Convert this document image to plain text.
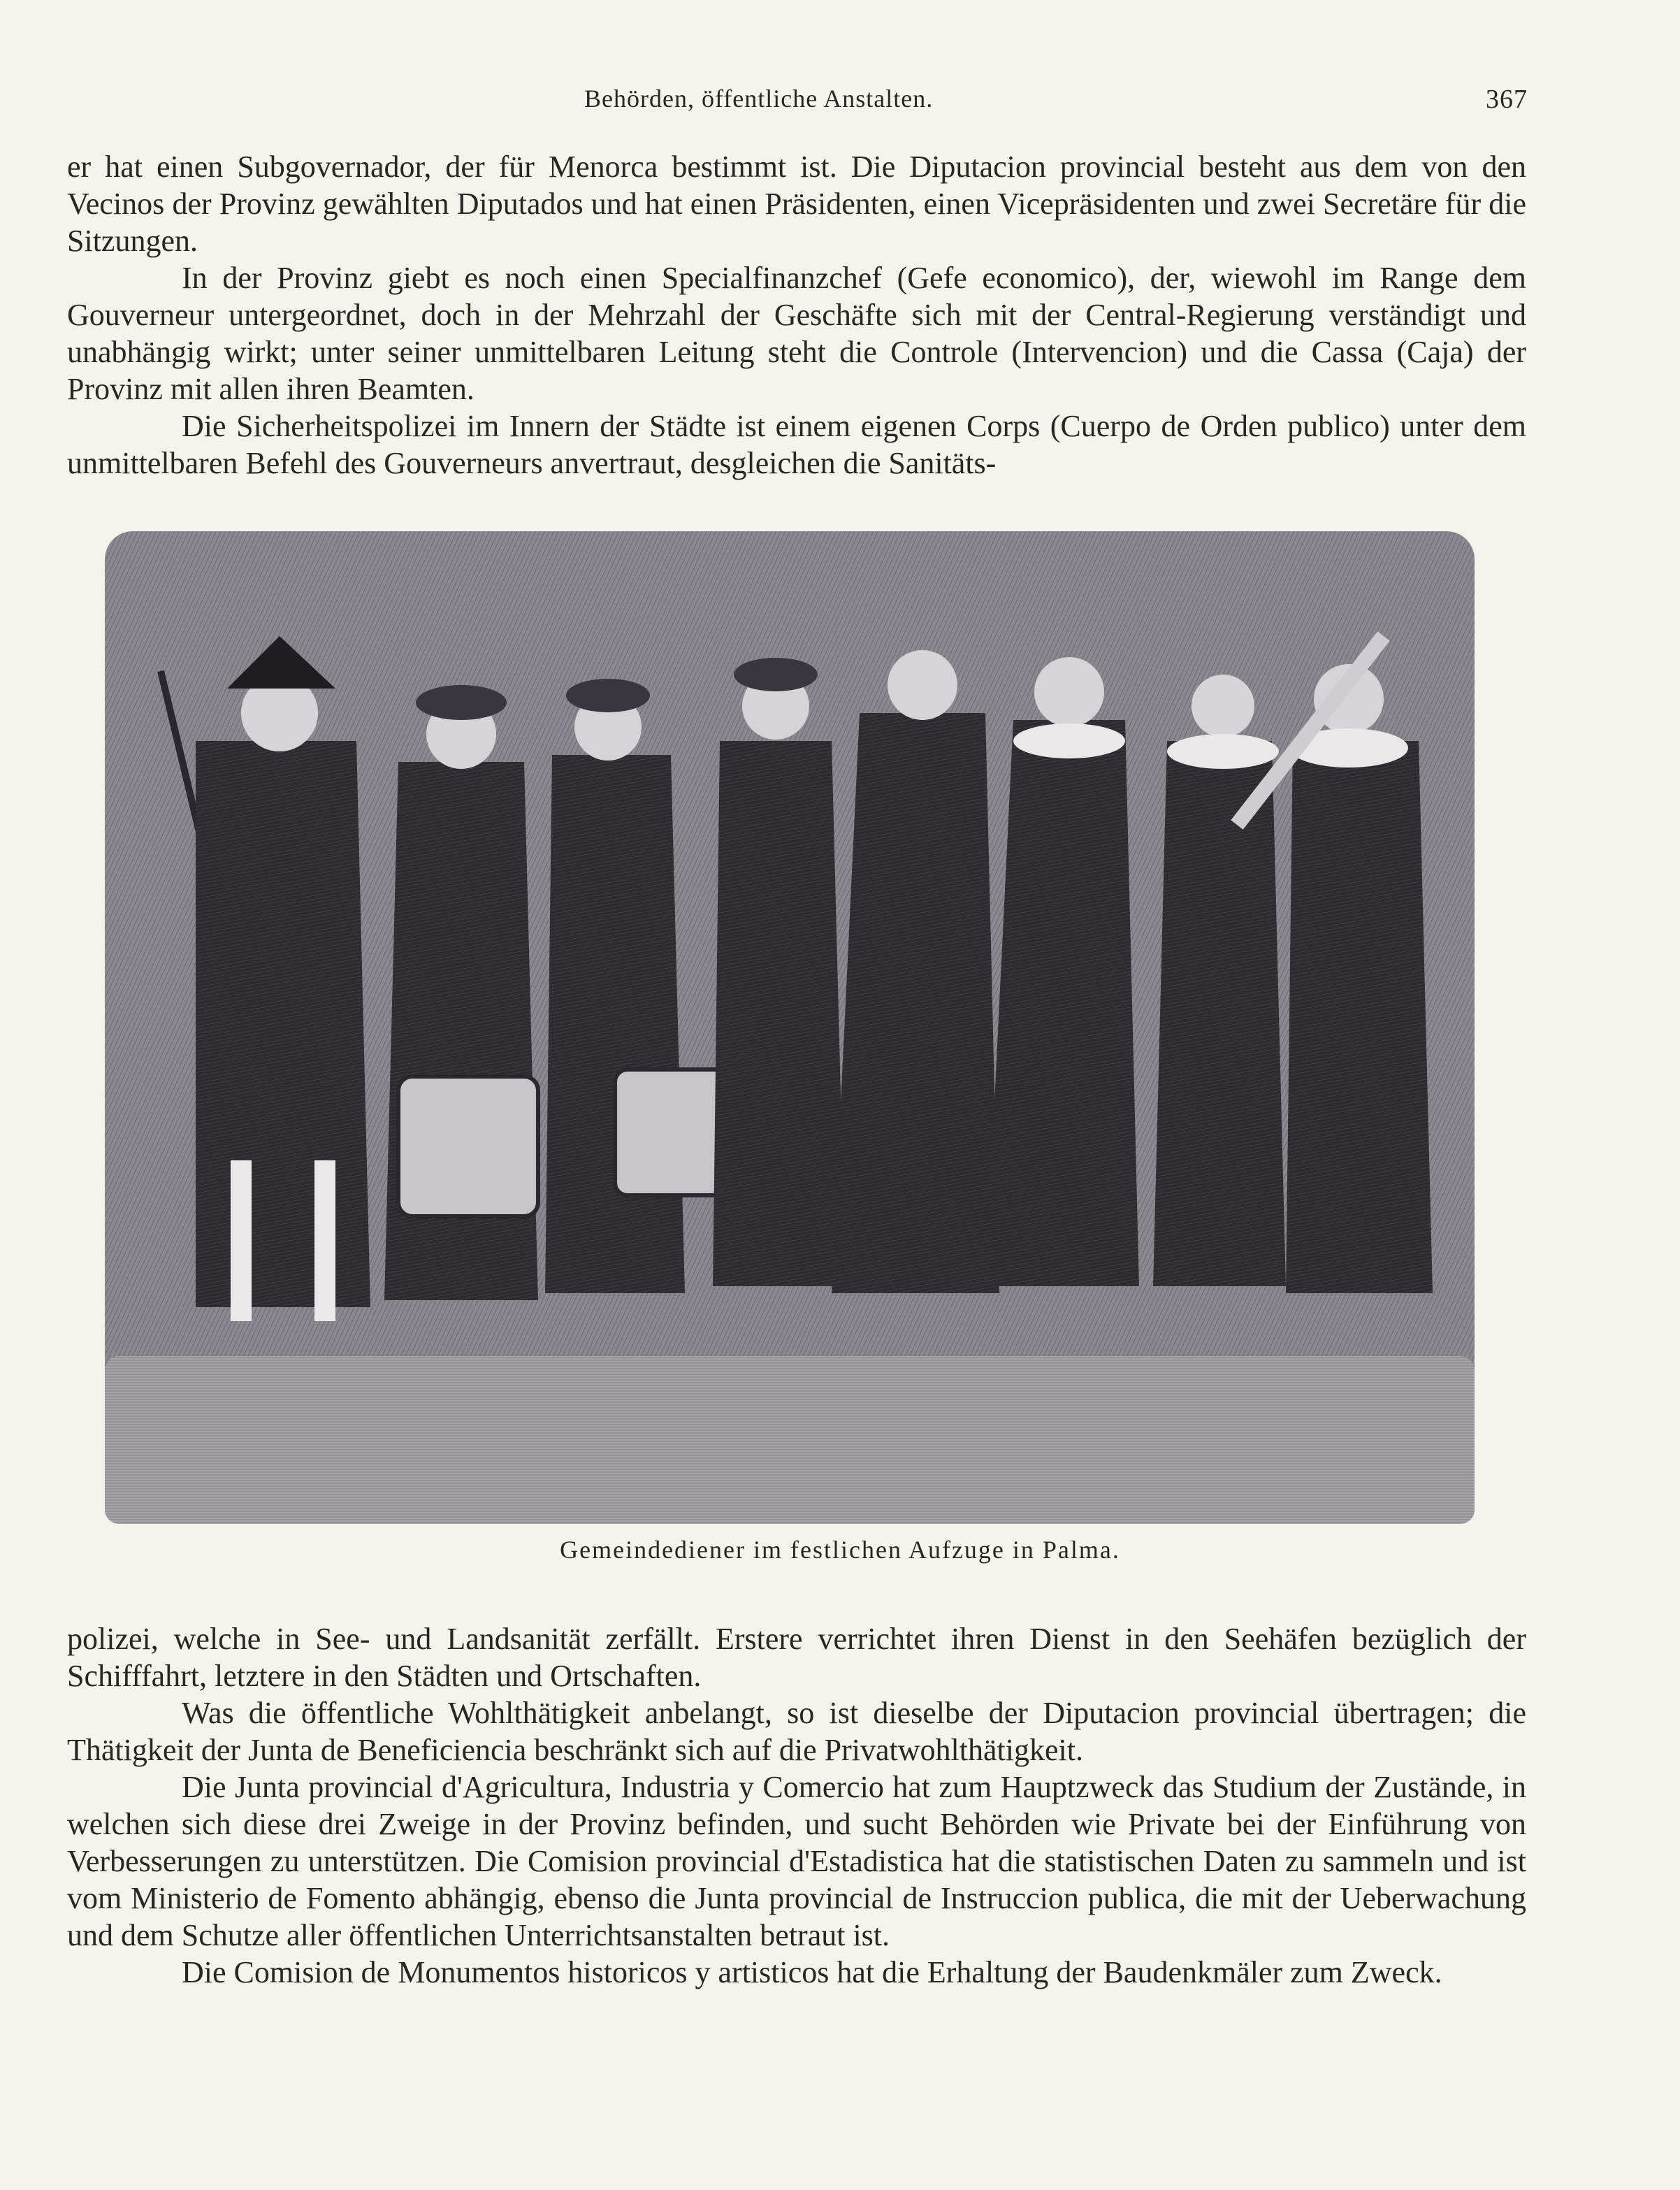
Behörden, öffentliche Anstalten.	367

er hat einen Subgovernador, der für Menorca bestimmt ist. Die Diputacion provincial besteht aus dem von den Vecinos der Provinz gewählten Diputados und hat einen Präsidenten, einen Vicepräsidenten und zwei Secretäre für die Sitzungen.

In der Provinz giebt es noch einen Specialfinanzchef (Gefe economico), der, wiewohl im Range dem Gouverneur untergeordnet, doch in der Mehrzahl der Geschäfte sich mit der Central-Regierung verständigt und unabhängig wirkt; unter seiner unmittelbaren Leitung steht die Controle (Intervencion) und die Cassa (Caja) der Provinz mit allen ihren Beamten.

Die Sicherheitspolizei im Innern der Städte ist einem eigenen Corps (Cuerpo de Orden publico) unter dem unmittelbaren Befehl des Gouverneurs anvertraut, desgleichen die Sanitäts-

Gemeindediener im festlichen Aufzuge in Palma.

polizei, welche in See- und Landsanität zerfällt. Erstere verrichtet ihren Dienst in den Seehäfen bezüglich der Schifffahrt, letztere in den Städten und Ortschaften.

Was die öffentliche Wohlthätigkeit anbelangt, so ist dieselbe der Diputacion provincial übertragen; die Thätigkeit der Junta de Beneficiencia beschränkt sich auf die Privatwohlthätigkeit.

Die Junta provincial d'Agricultura, Industria y Comercio hat zum Hauptzweck das Studium der Zustände, in welchen sich diese drei Zweige in der Provinz befinden, und sucht Behörden wie Private bei der Einführung von Verbesserungen zu unterstützen. Die Comision provincial d'Estadistica hat die statistischen Daten zu sammeln und ist vom Ministerio de Fomento abhängig, ebenso die Junta provincial de Instruccion publica, die mit der Ueberwachung und dem Schutze aller öffentlichen Unterrichtsanstalten betraut ist.

Die Comision de Monumentos historicos y artisticos hat die Erhaltung der Baudenkmäler zum Zweck.
